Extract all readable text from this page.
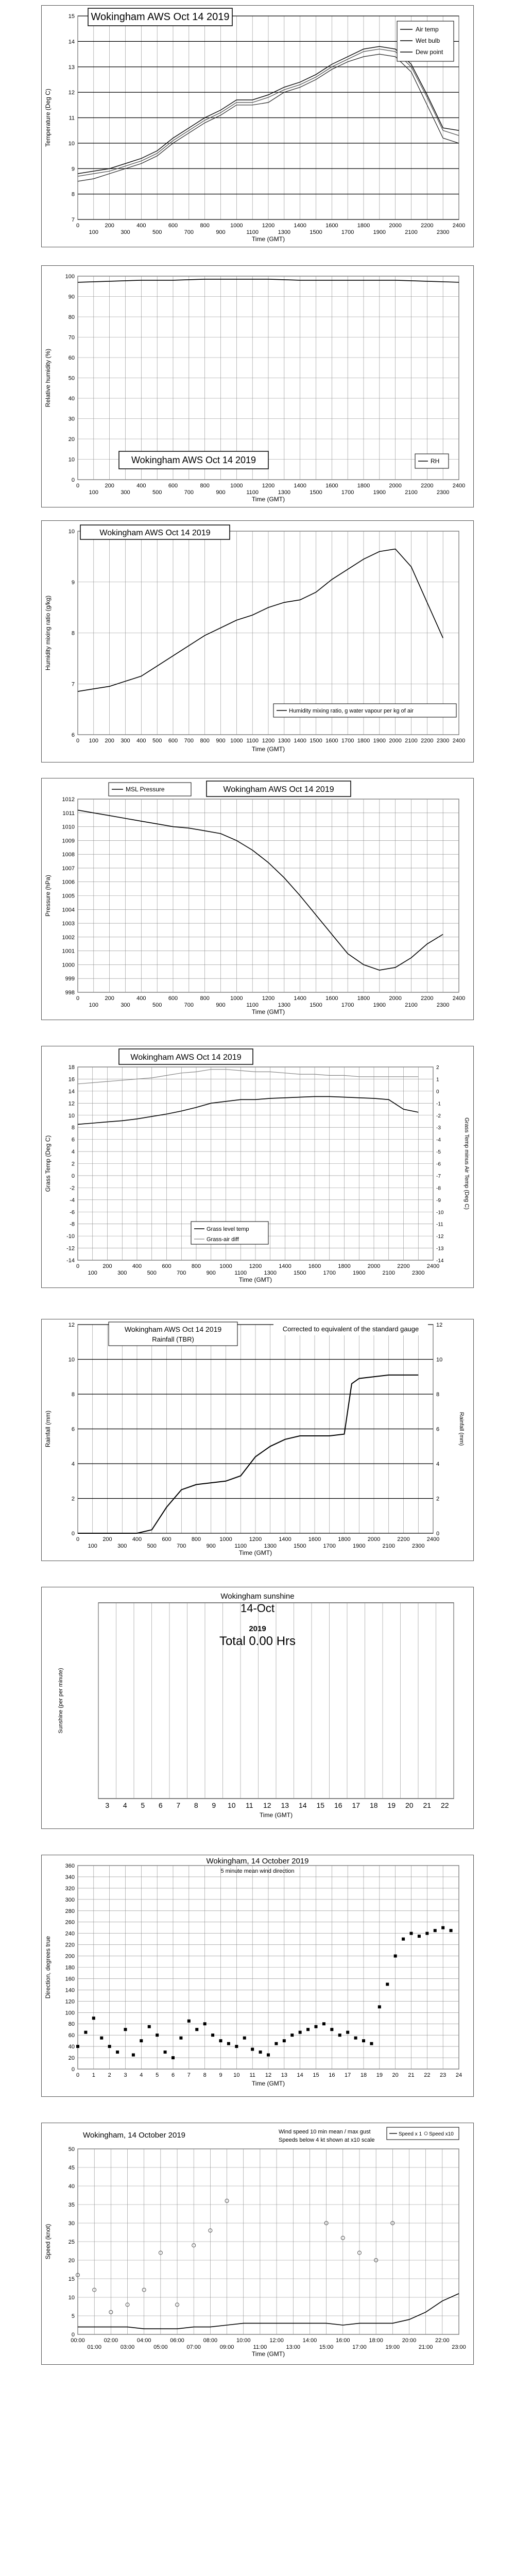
7
8
9
10
11
12
13
14
15
0
100
200
300
400
500
600
700
800
900
1000
1100
1200
1300
1400
1500
1600
1700
1800
1900
2000
2100
2200
2300
2400
Time (GMT)
Temperature (Deg C)
Wokingham AWS Oct 14 2019
Air temp
Wet bulb
Dew point
0
10
20
30
40
50
60
70
80
90
100
0
100
200
300
400
500
600
700
800
900
1000
1100
1200
1300
1400
1500
1600
1700
1800
1900
2000
2100
2200
2300
2400
Time (GMT)
Relative humidity (%)
Wokingham AWS Oct 14 2019	RH
6
7
8
9
10
0 100 200 300 400 500 600 700 800 900 1000 1100 1200 1300 1400 1500 1600 1700 1800 1900 2000 2100 2200 2300 2400
Time (GMT)
Humidity mixing ratio (g/kg)
Wokingham AWS Oct 14 2019
Humidity mixing ratio, g water vapour per kg of air
998
999
1000
1001
1002
1003
1004
1005
1006
1007
1008
1009
1010
1011
1012
0
100
200
300
400
500
600
700
800
900
1000
1100
1200
1300
1400
1500
1600
1700
1800
1900
2000
2100
2200
2300
2400
Time (GMT)
Pressure (hPa)
MSL Pressure	Wokingham AWS Oct 14 2019
-14
-12
-10
-8
-6
-4
-2
0
2
4
6
8
10
12
14
16
18
0
100
200
300
400
500
600
700
800
900
1000
1100
1200
1300
1400
1500
1600
1700
1800
1900
2000
2100
2200
2300
2400
-14
-13
-12
-11
-10
-9
-8
-7
-6
-5
-4
-3
-2
-1
0
1
2
Time (GMT)
Grass Temp (Deg C)	Grass Temp minus Air Temp (Deg C)
Wokingham AWS Oct 14 2019
Grass level temp
Grass-air diff
0
2
4
6
8
10
12
0
100
200
300
400
500
600
700
800
900
1000
1100
1200
1300
1400
1500
1600
1700
1800
1900
2000
2100
2200
2300
2400
0
2
4
6
8
10
12
Time (GMT)
Rainfall (mm)	Rainfall (mm)
Wokingham AWS Oct 14 2019
Rainfall (TBR)
Corrected to equivalent of the standard gauge
3 4 5 6 7 8 9 10 11 12 13 14 15 16 17 18 19 20 21 22
Time (GMT)
Sunshine (per per minute)
Wokingham sunshine
14-Oct
2019
Total 0.00 Hrs
0
20
40
60
80
100
120
140
160
180
200
220
240
260
280
300
320
340
360
0 1 2 3 4 5 6 7 8 9 10 11 12 13 14 15 16 17 18 19 20 21 22 23 24
Time (GMT)
Direction, degrees true
Wokingham, 14 October 2019
5 minute mean wind direction
0
5
10
15
20
25
30
35
40
45
50
00:00
01:00
02:00
03:00
04:00
05:00
06:00
07:00
08:00
09:00
10:00
11:00
12:00
13:00
14:00
15:00
16:00
17:00
18:00
19:00
20:00
21:00
22:00
23:00
Time (GMT)
Speed (knot)
Wokingham, 14 October 2019	Wind speed 10 min mean / max gust
Speeds below 4 kt shown at x10 scale
Speed x 1 Speed x10
